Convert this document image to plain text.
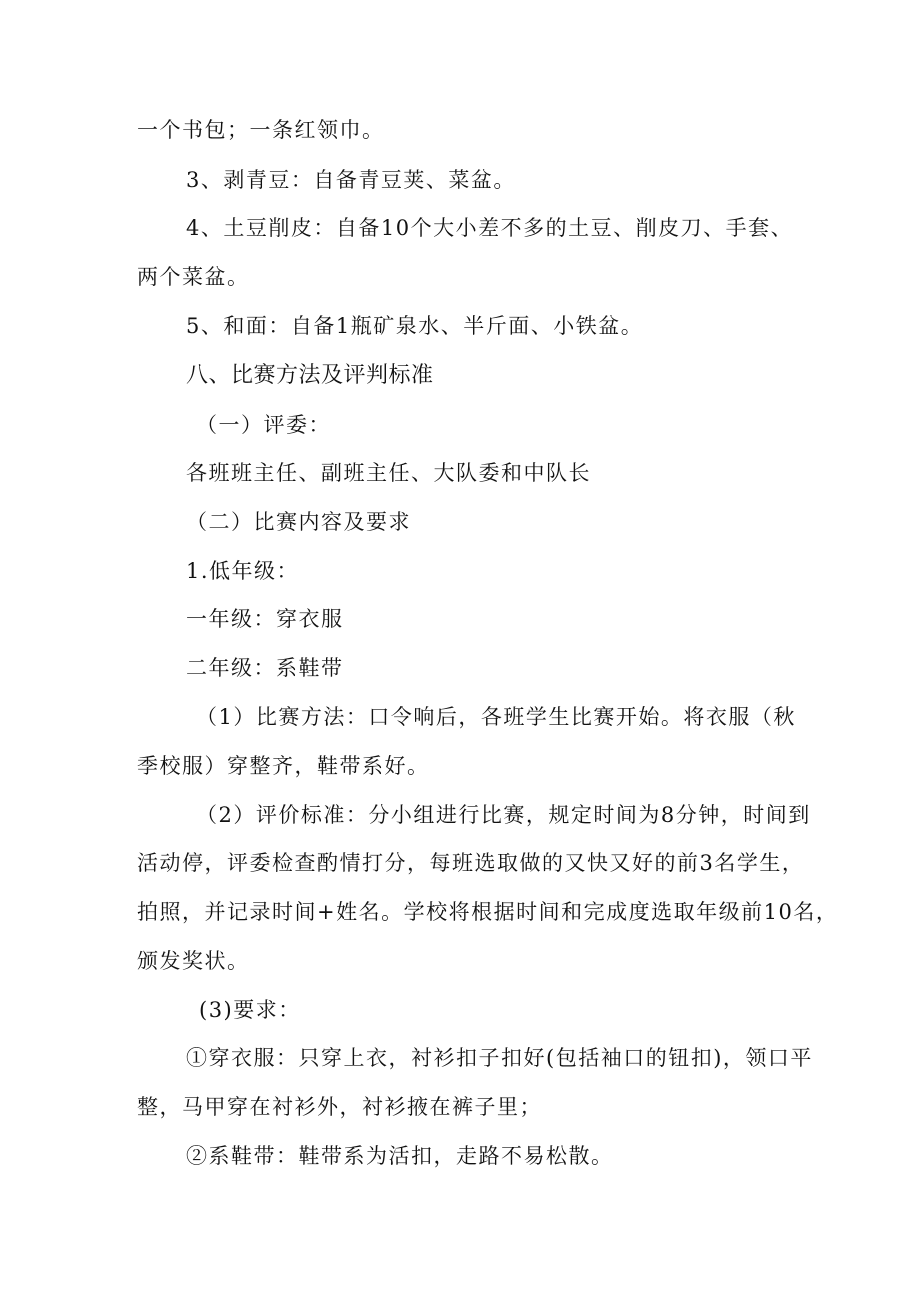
一个书包；一条红领巾。
3、剥青豆：自备青豆荚、菜盆。
4、土豆削皮：自备10个大小差不多的土豆、削皮刀、手套、
两个菜盆。
5、和面：自备1瓶矿泉水、半斤面、小铁盆。
八、比赛方法及评判标准
（一）评委：
各班班主任、副班主任、大队委和中队长
（二）比赛内容及要求
1.低年级：
一年级：穿衣服
二年级：系鞋带
（1）比赛方法：口令响后，各班学生比赛开始。将衣服（秋
季校服）穿整齐，鞋带系好。
（2）评价标准：分小组进行比赛，规定时间为8分钟，时间到
活动停，评委检查酌情打分，每班选取做的又快又好的前3名学生，
拍照，并记录时间+姓名。学校将根据时间和完成度选取年级前10名，
颁发奖状。
(3)要求：
①穿衣服：只穿上衣，衬衫扣子扣好(包括袖口的钮扣)，领口平
整，马甲穿在衬衫外，衬衫掖在裤子里；
②系鞋带：鞋带系为活扣，走路不易松散。
